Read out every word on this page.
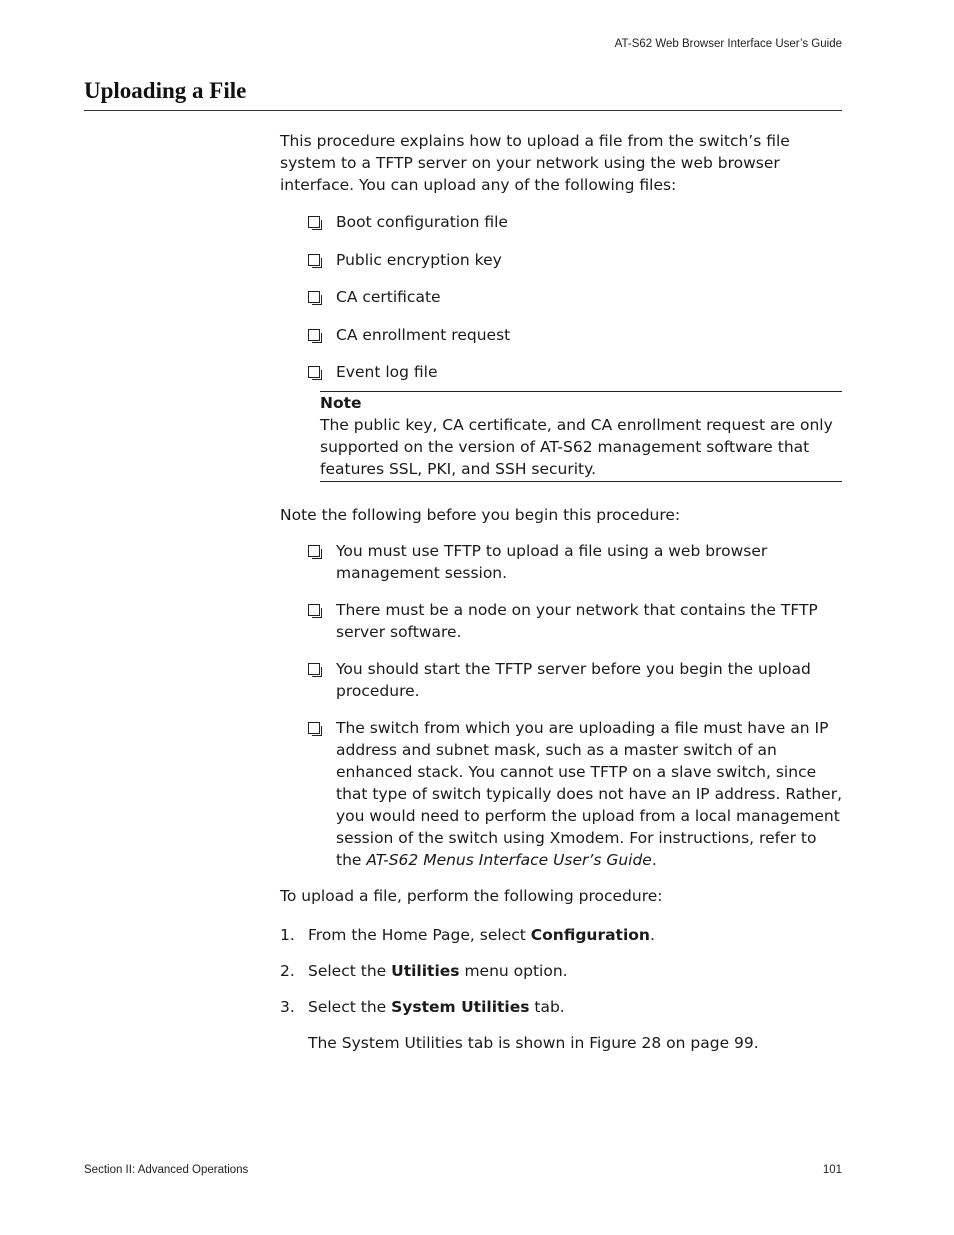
AT-S62 Web Browser Interface User’s Guide
Uploading a File

This procedure explains how to upload a file from the switch’s file system to a TFTP server on your network using the web browser interface. You can upload any of the following files:

Boot configuration file
Public encryption key
CA certificate
CA enrollment request
Event log file
Note
The public key, CA certificate, and CA enrollment request are only supported on the version of AT-S62 management software that features SSL, PKI, and SSH security.

Note the following before you begin this procedure:

You must use TFTP to upload a file using a web browser management session.
There must be a node on your network that contains the TFTP server software.
You should start the TFTP server before you begin the upload procedure.
The switch from which you are uploading a file must have an IP address and subnet mask, such as a master switch of an enhanced stack. You cannot use TFTP on a slave switch, since that type of switch typically does not have an IP address. Rather, you would need to perform the upload from a local management session of the switch using Xmodem. For instructions, refer to the AT-S62 Menus Interface User’s Guide.

To upload a file, perform the following procedure:

1. From the Home Page, select Configuration.
2. Select the Utilities menu option.
3. Select the System Utilities tab.

The System Utilities tab is shown in Figure 28 on page 99.

Section II: Advanced Operations	101
